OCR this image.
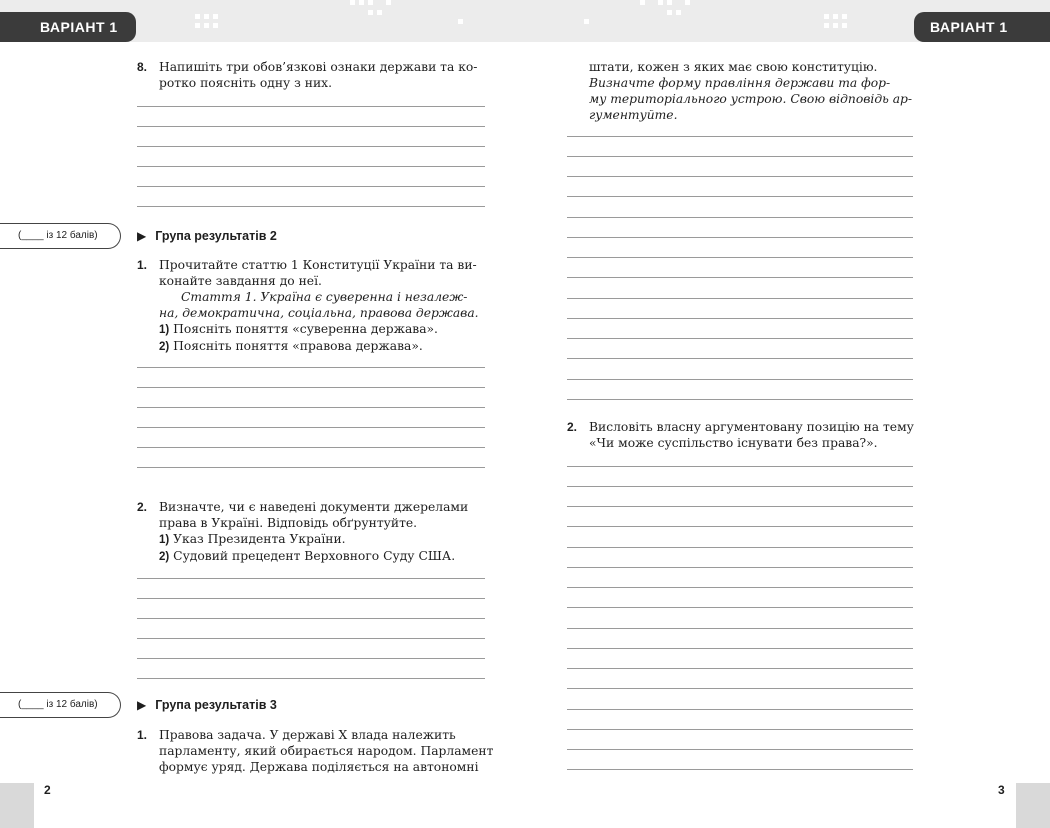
ВАРІАНТ 1	ВАРІАНТ 1
8. Напишіть три обов’язкові ознаки держави та ко-
ротко поясніть одну з них.
(____ із 12 балів)	▶ Група результатів 2
1. Прочитайте статтю 1 Конституції України та ви-
конайте завдання до неї.
Стаття 1. Україна є суверенна і незалеж-
на, демократична, соціальна, правова держава.
1) Поясніть поняття «суверенна держава».
2) Поясніть поняття «правова держава».
2. Визначте, чи є наведені документи джерелами
права в Україні. Відповідь обґрунтуйте.
1) Указ Президента України.
2) Судовий прецедент Верховного Суду США.
(____ із 12 балів)	▶ Група результатів 3
1. Правова задача. У державі X влада належить
парламенту, який обирається народом. Парламент
формує уряд. Держава поділяється на автономні
2
штати, кожен з яких має свою конституцію.
Визначте форму правління держави та фор-
му територіального устрою. Свою відповідь ар-
гументуйте.
2. Висловіть власну аргументовану позицію на тему
«Чи може суспільство існувати без права?».
3
